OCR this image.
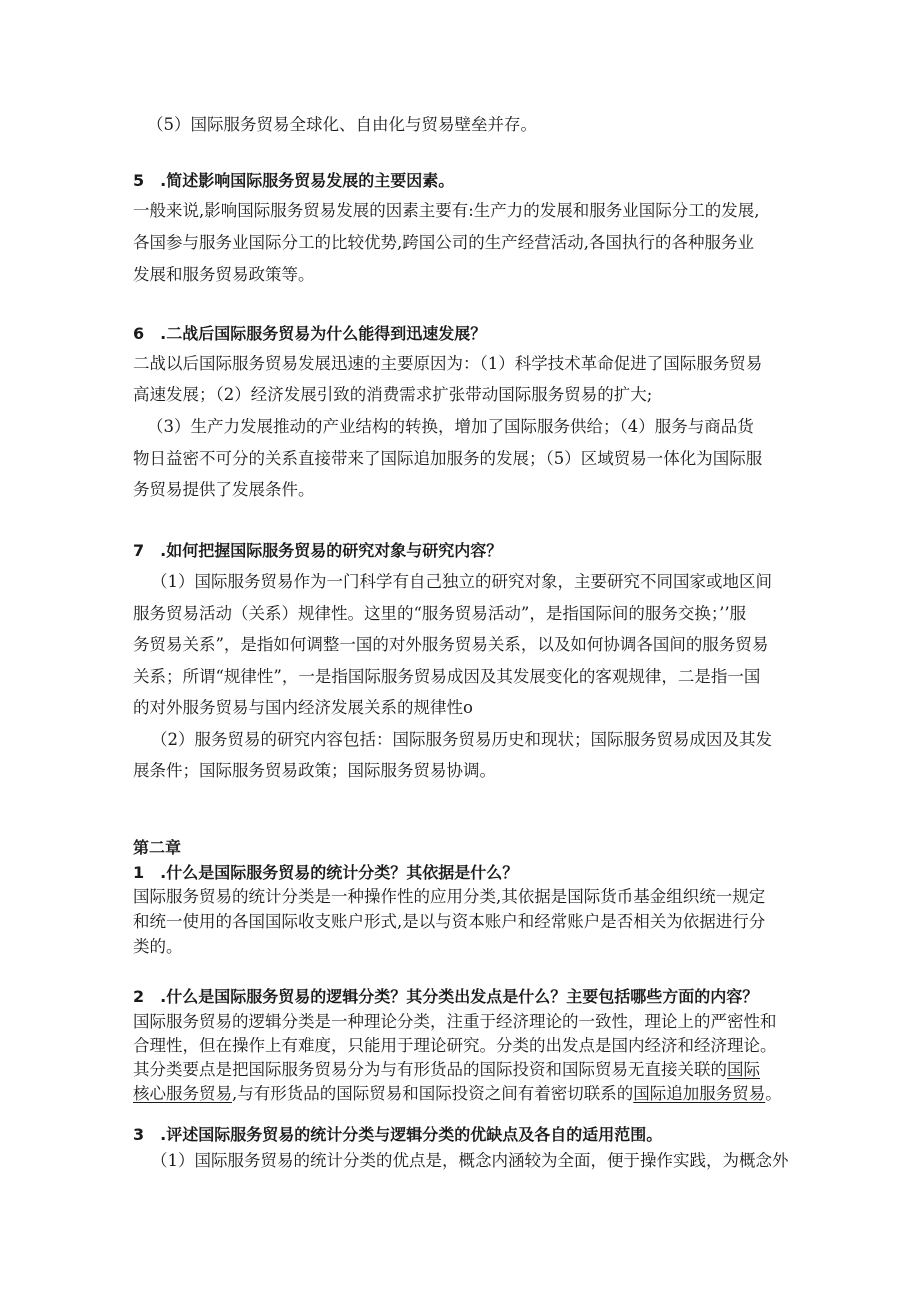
（5）国际服务贸易全球化、自由化与贸易壁垒并存。
5　.简述影响国际服务贸易发展的主要因素。
一般来说,影响国际服务贸易发展的因素主要有:生产力的发展和服务业国际分工的发展,
各国参与服务业国际分工的比较优势,跨国公司的生产经营活动,各国执行的各种服务业
发展和服务贸易政策等。
6　.二战后国际服务贸易为什么能得到迅速发展？
二战以后国际服务贸易发展迅速的主要原因为：（1）科学技术革命促进了国际服务贸易
高速发展；（2）经济发展引致的消费需求扩张带动国际服务贸易的扩大;
（3）生产力发展推动的产业结构的转换，增加了国际服务供给；（4）服务与商品货
物日益密不可分的关系直接带来了国际追加服务的发展；（5）区域贸易一体化为国际服
务贸易提供了发展条件。
7　.如何把握国际服务贸易的研究对象与研究内容？
（1）国际服务贸易作为一门科学有自己独立的研究对象，主要研究不同国家或地区间
服务贸易活动（关系）规律性。这里的“服务贸易活动”，是指国际间的服务交换；’’服
务贸易关系”，是指如何调整一国的对外服务贸易关系，以及如何协调各国间的服务贸易
关系；所谓“规律性”，一是指国际服务贸易成因及其发展变化的客观规律，二是指一国
的对外服务贸易与国内经济发展关系的规律性o
（2）服务贸易的研究内容包括：国际服务贸易历史和现状；国际服务贸易成因及其发
展条件；国际服务贸易政策；国际服务贸易协调。
第二章
1　.什么是国际服务贸易的统计分类？其依据是什么？
国际服务贸易的统计分类是一种操作性的应用分类,其依据是国际货币基金组织统一规定
和统一使用的各国国际收支账户形式,是以与资本账户和经常账户是否相关为依据进行分
类的。
2　.什么是国际服务贸易的逻辑分类？其分类出发点是什么？主要包括哪些方面的内容？
国际服务贸易的逻辑分类是一种理论分类，注重于经济理论的一致性，理论上的严密性和
合理性，但在操作上有难度，只能用于理论研究。分类的出发点是国内经济和经济理论。
其分类要点是把国际服务贸易分为与有形货品的国际投资和国际贸易无直接关联的国际
核心服务贸易,与有形货品的国际贸易和国际投资之间有着密切联系的国际追加服务贸易。
3　.评述国际服务贸易的统计分类与逻辑分类的优缺点及各自的适用范围。
（1）国际服务贸易的统计分类的优点是，概念内涵较为全面，便于操作实践，为概念外
